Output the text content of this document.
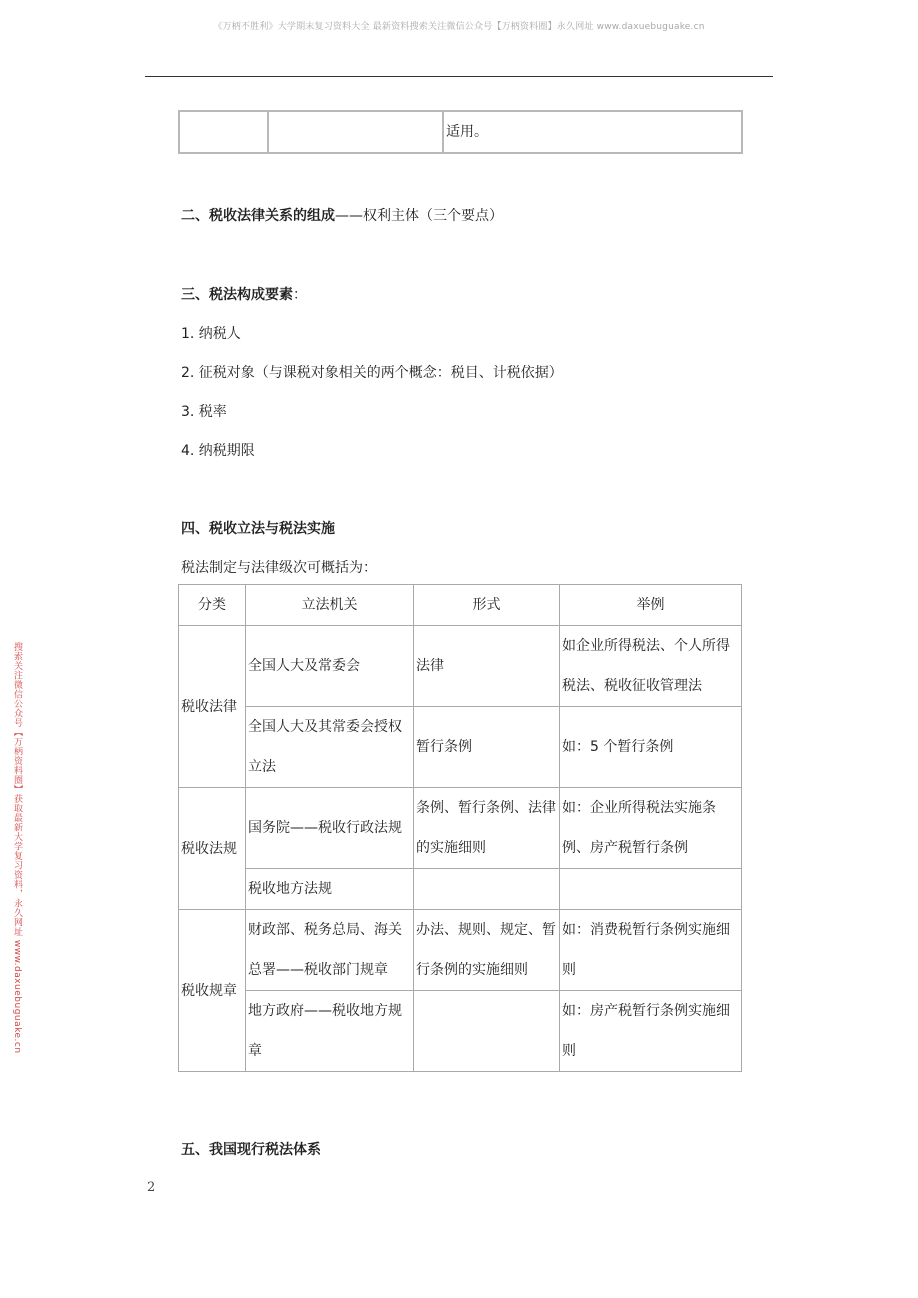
《万柄不胜利》大学期末复习资料大全 最新资料搜索关注微信公众号【万柄资料圈】永久网址 www.daxuebuguake.cn
搜索关注微信公众号【万柄资料圈】获取最新大学复习资料，永久网址 www.daxuebuguake.cn
		适用。
二、税收法律关系的组成——权利主体（三个要点）
三、税法构成要素：
1. 纳税人
2. 征税对象（与课税对象相关的两个概念：税目、计税依据）
3. 税率
4. 纳税期限
四、税收立法与税法实施
税法制定与法律级次可概括为：
分类	立法机关	形式	举例
税收法律	全国人大及常委会	法律	如企业所得税法、个人所得税法、税收征收管理法
	全国人大及其常委会授权立法	暂行条例	如：5 个暂行条例
税收法规	国务院——税收行政法规	条例、暂行条例、法律的实施细则	如：企业所得税法实施条例、房产税暂行条例
	税收地方法规		
税收规章	财政部、税务总局、海关总署——税收部门规章	办法、规则、规定、暂行条例的实施细则	如：消费税暂行条例实施细则
	地方政府——税收地方规章		如：房产税暂行条例实施细则
五、我国现行税法体系
2
